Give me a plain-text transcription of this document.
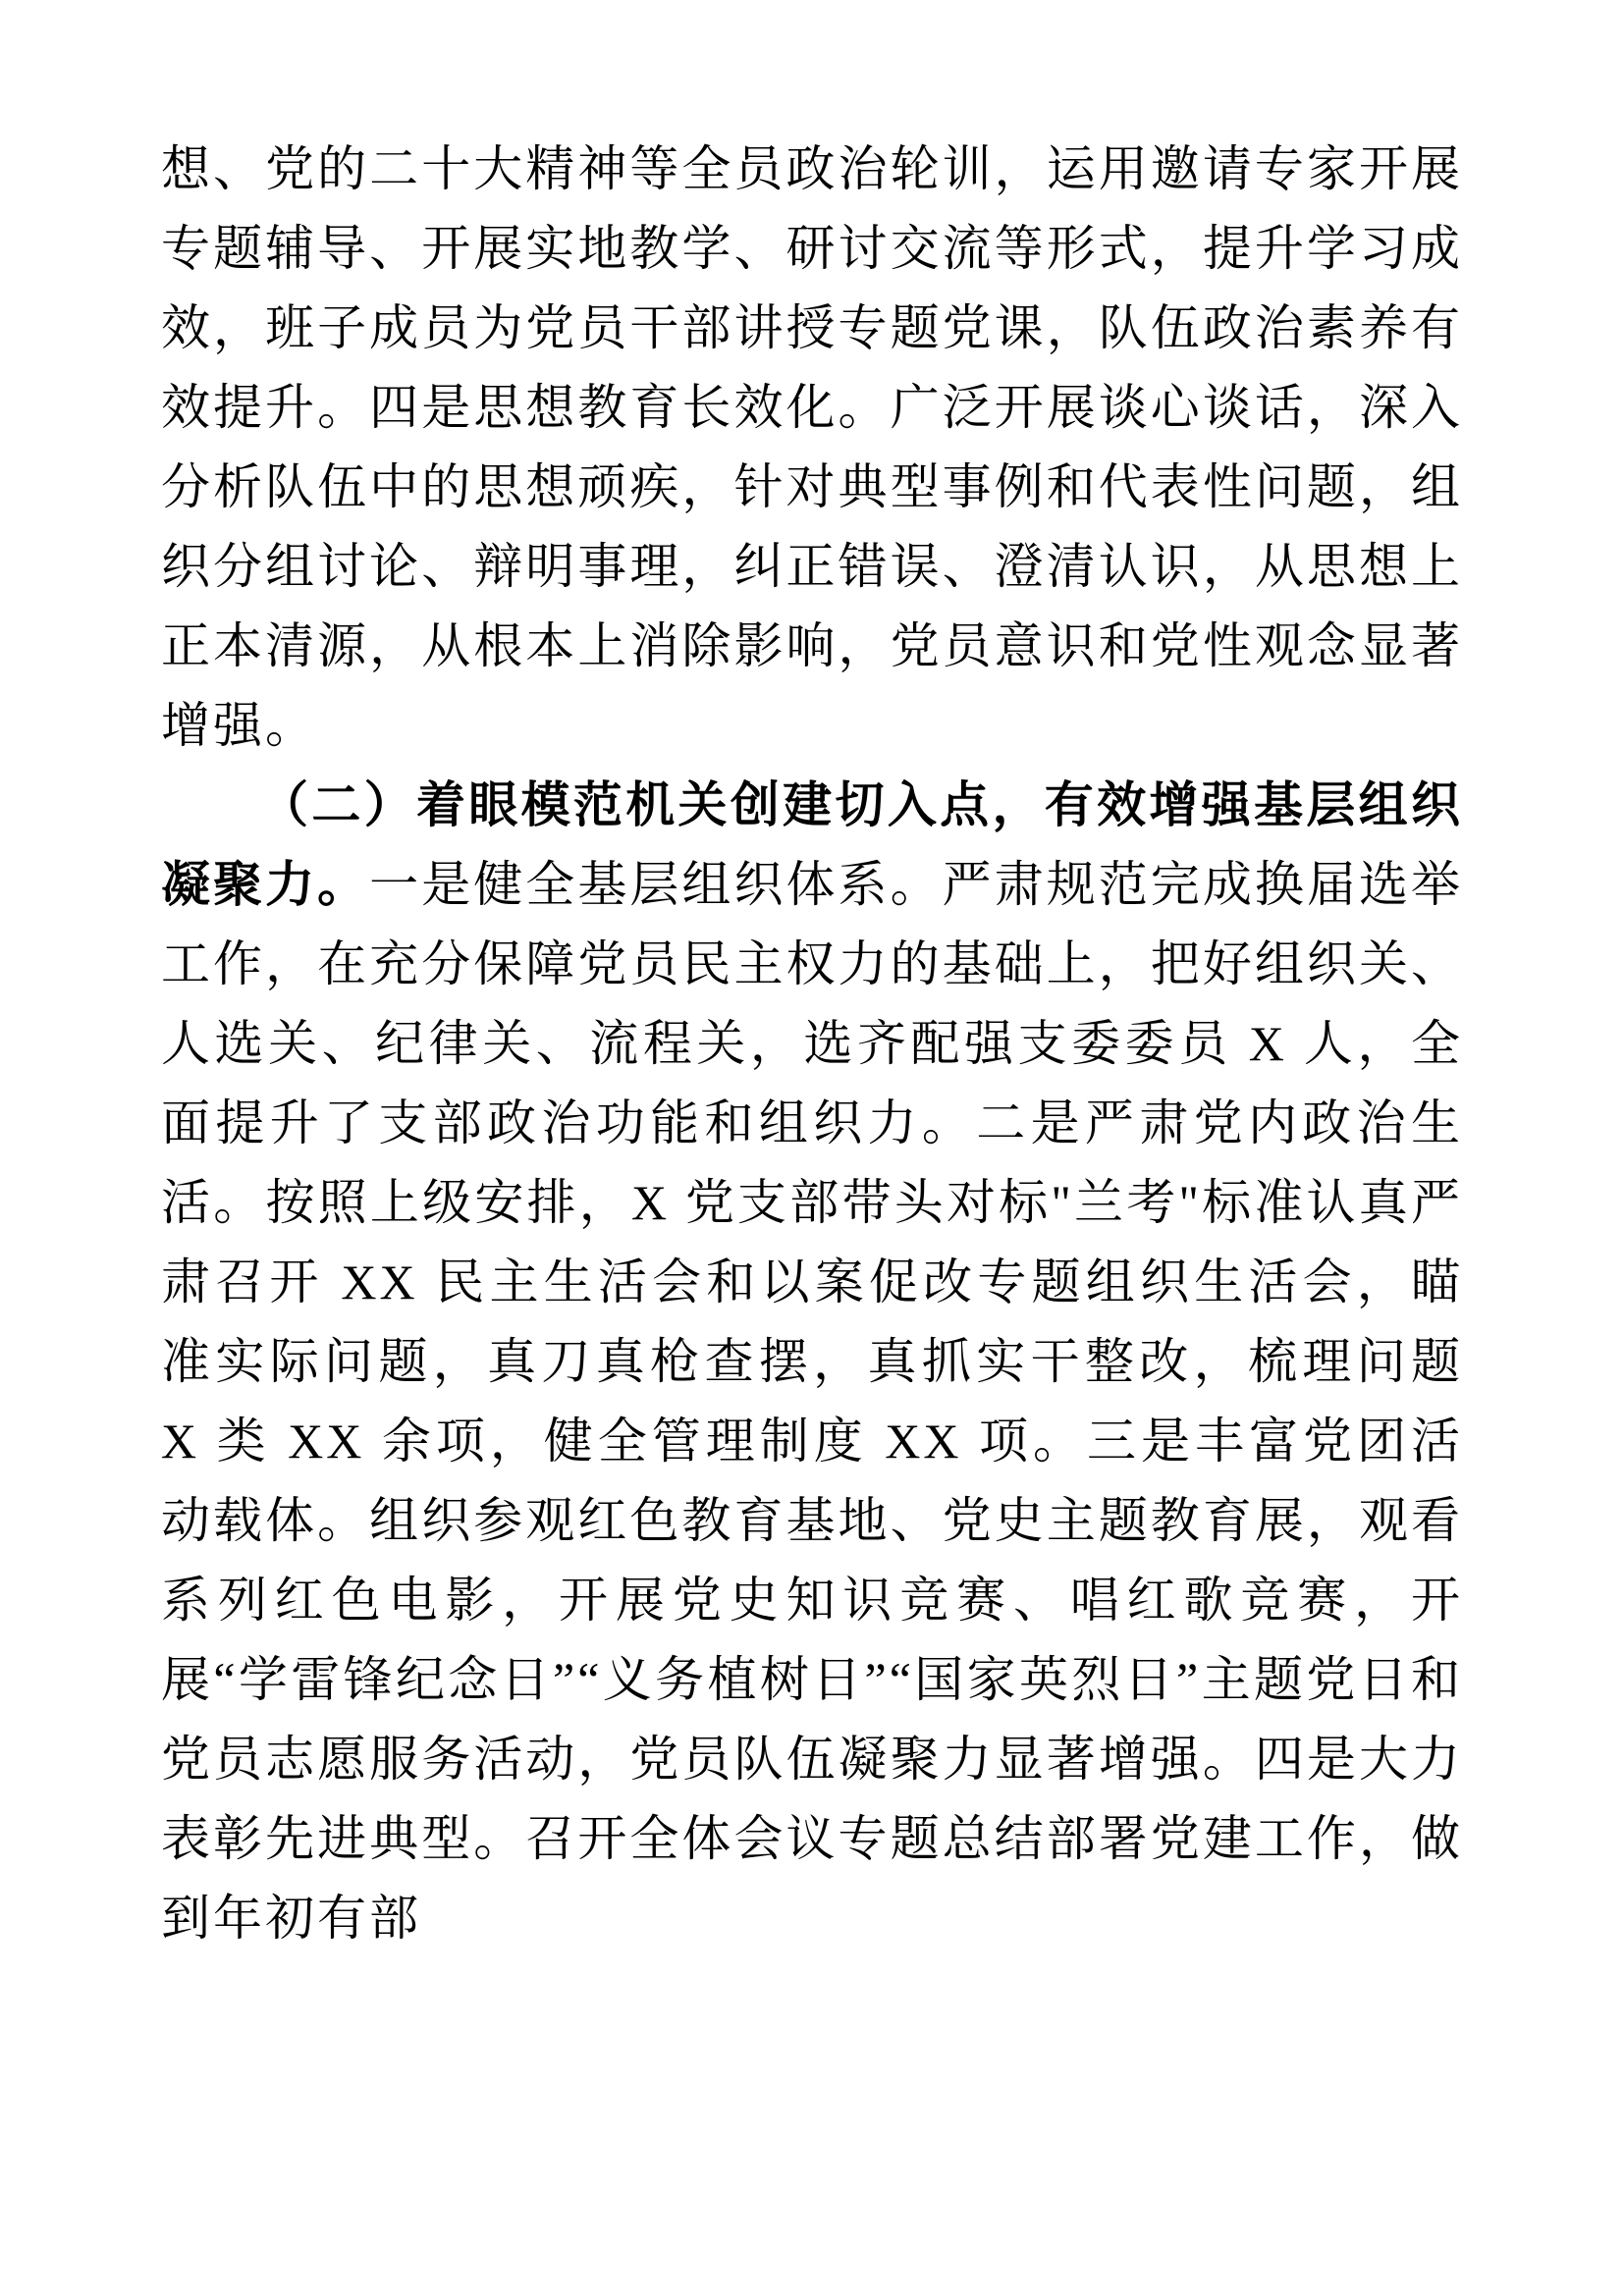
想、党的二十大精神等全员政治轮训，运用邀请专家开展专题辅导、开展实地教学、研讨交流等形式，提升学习成效，班子成员为党员干部讲授专题党课，队伍政治素养有效提升。四是思想教育长效化。广泛开展谈心谈话，深入分析队伍中的思想顽疾，针对典型事例和代表性问题，组织分组讨论、辩明事理，纠正错误、澄清认识，从思想上正本清源，从根本上消除影响，党员意识和党性观念显著增强。

（二）着眼模范机关创建切入点，有效增强基层组织凝聚力。一是健全基层组织体系。严肃规范完成换届选举工作，在充分保障党员民主权力的基础上，把好组织关、人选关、纪律关、流程关，选齐配强支委委员 X 人，全面提升了支部政治功能和组织力。二是严肃党内政治生活。按照上级安排，X 党支部带头对标"兰考"标准认真严肃召开 XX 民主生活会和以案促改专题组织生活会，瞄准实际问题，真刀真枪查摆，真抓实干整改，梳理问题 X 类 XX 余项，健全管理制度 XX 项。三是丰富党团活动载体。组织参观红色教育基地、党史主题教育展，观看系列红色电影，开展党史知识竞赛、唱红歌竞赛，开展“学雷锋纪念日”“义务植树日”“国家英烈日”主题党日和党员志愿服务活动，党员队伍凝聚力显著增强。四是大力表彰先进典型。召开全体会议专题总结部署党建工作，做到年初有部
